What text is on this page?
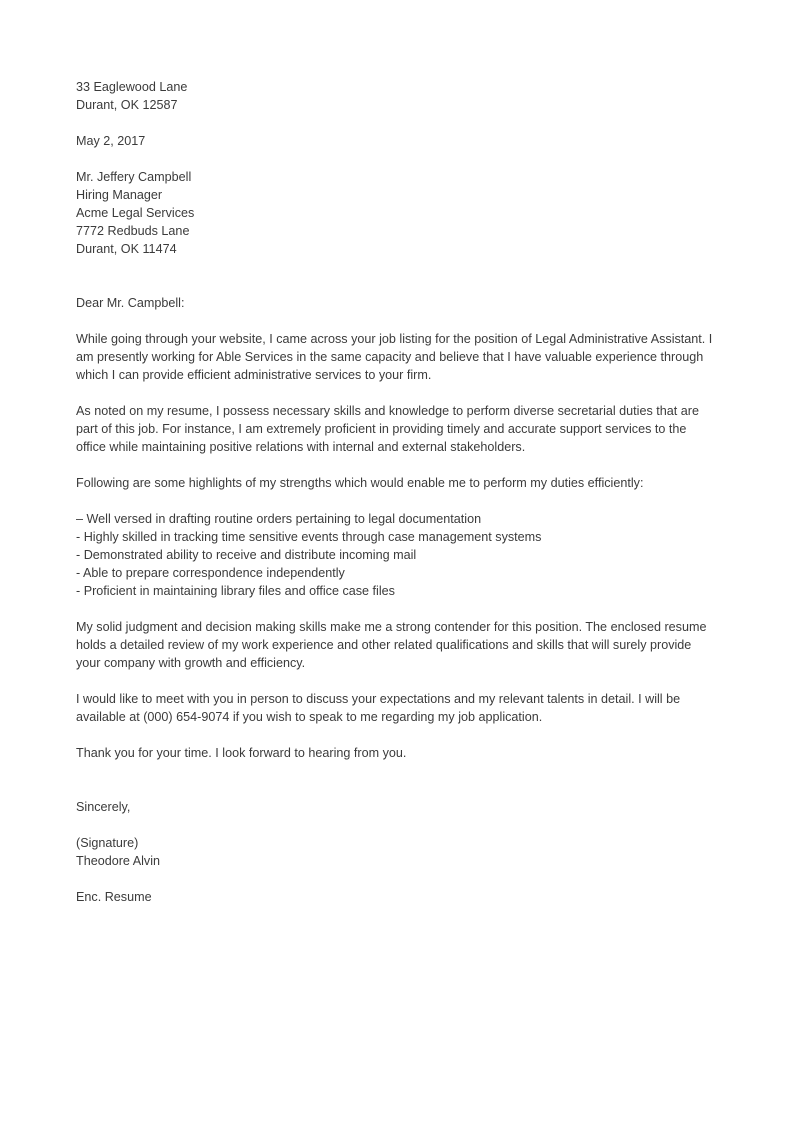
33 Eaglewood Lane
Durant, OK 12587
May 2, 2017
Mr. Jeffery Campbell
Hiring Manager
Acme Legal Services
7772 Redbuds Lane
Durant, OK 11474
Dear Mr. Campbell:

While going through your website, I came across your job listing for the position of Legal Administrative Assistant. I am presently working for Able Services in the same capacity and believe that I have valuable experience through which I can provide efficient administrative services to your firm.

As noted on my resume, I possess necessary skills and knowledge to perform diverse secretarial duties that are part of this job. For instance, I am extremely proficient in providing timely and accurate support services to the office while maintaining positive relations with internal and external stakeholders.

Following are some highlights of my strengths which would enable me to perform my duties efficiently:

– Well versed in drafting routine orders pertaining to legal documentation
- Highly skilled in tracking time sensitive events through case management systems
- Demonstrated ability to receive and distribute incoming mail
- Able to prepare correspondence independently
- Proficient in maintaining library files and office case files

My solid judgment and decision making skills make me a strong contender for this position. The enclosed resume holds a detailed review of my work experience and other related qualifications and skills that will surely provide your company with growth and efficiency.

I would like to meet with you in person to discuss your expectations and my relevant talents in detail. I will be available at (000) 654-9074 if you wish to speak to me regarding my job application.

Thank you for your time. I look forward to hearing from you.

Sincerely,
(Signature)
Theodore Alvin
Enc. Resume
